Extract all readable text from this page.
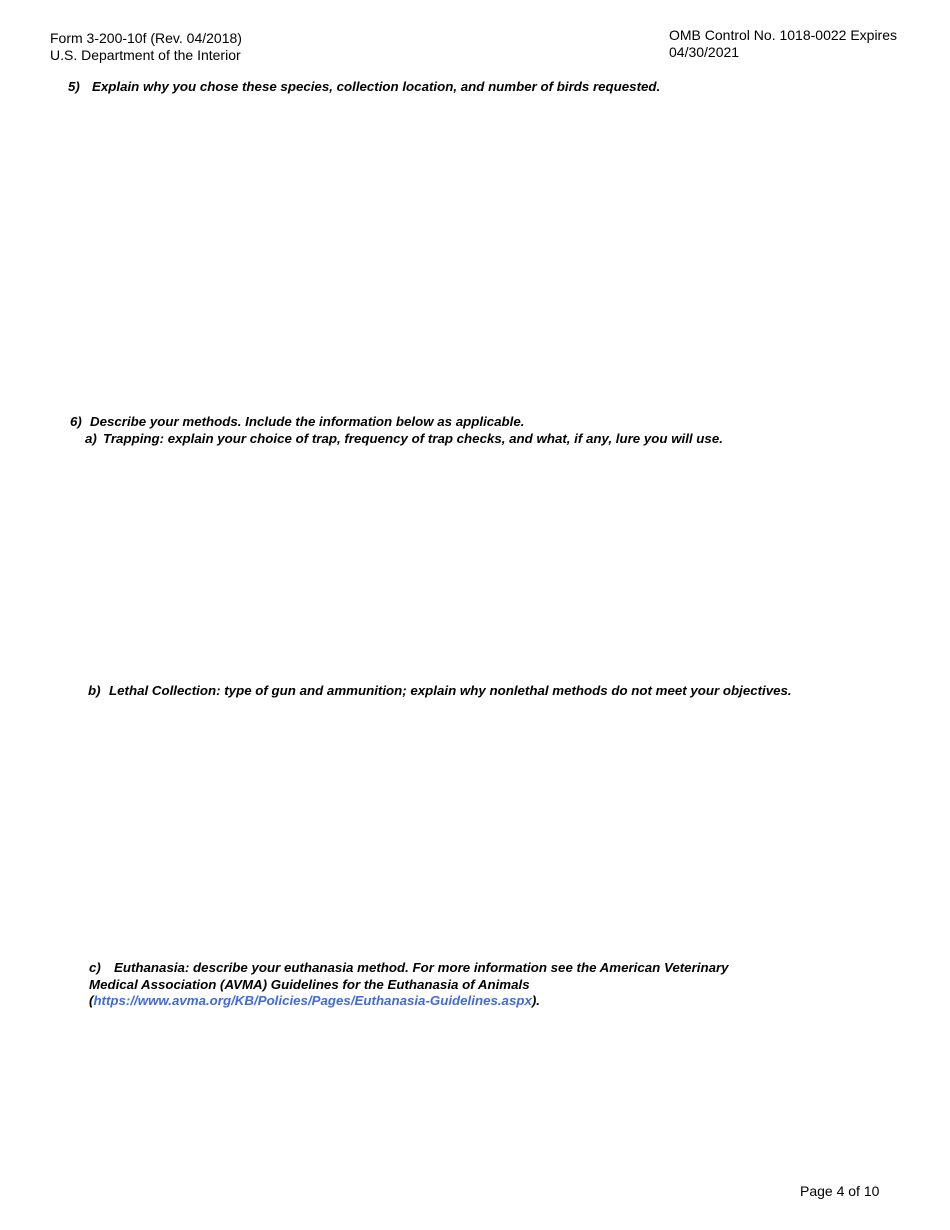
Form 3-200-10f (Rev. 04/2018)
U.S. Department of the Interior
OMB Control No. 1018-0022 Expires
04/30/2021
5) Explain why you chose these species, collection location, and number of birds requested.
6) Describe your methods. Include the information below as applicable.
a) Trapping: explain your choice of trap, frequency of trap checks, and what, if any, lure you will use.
b) Lethal Collection: type of gun and ammunition; explain why nonlethal methods do not meet your objectives.
c) Euthanasia: describe your euthanasia method. For more information see the American Veterinary
Medical Association (AVMA) Guidelines for the Euthanasia of Animals
(https://www.avma.org/KB/Policies/Pages/Euthanasia-Guidelines.aspx).
Page 4 of 10
